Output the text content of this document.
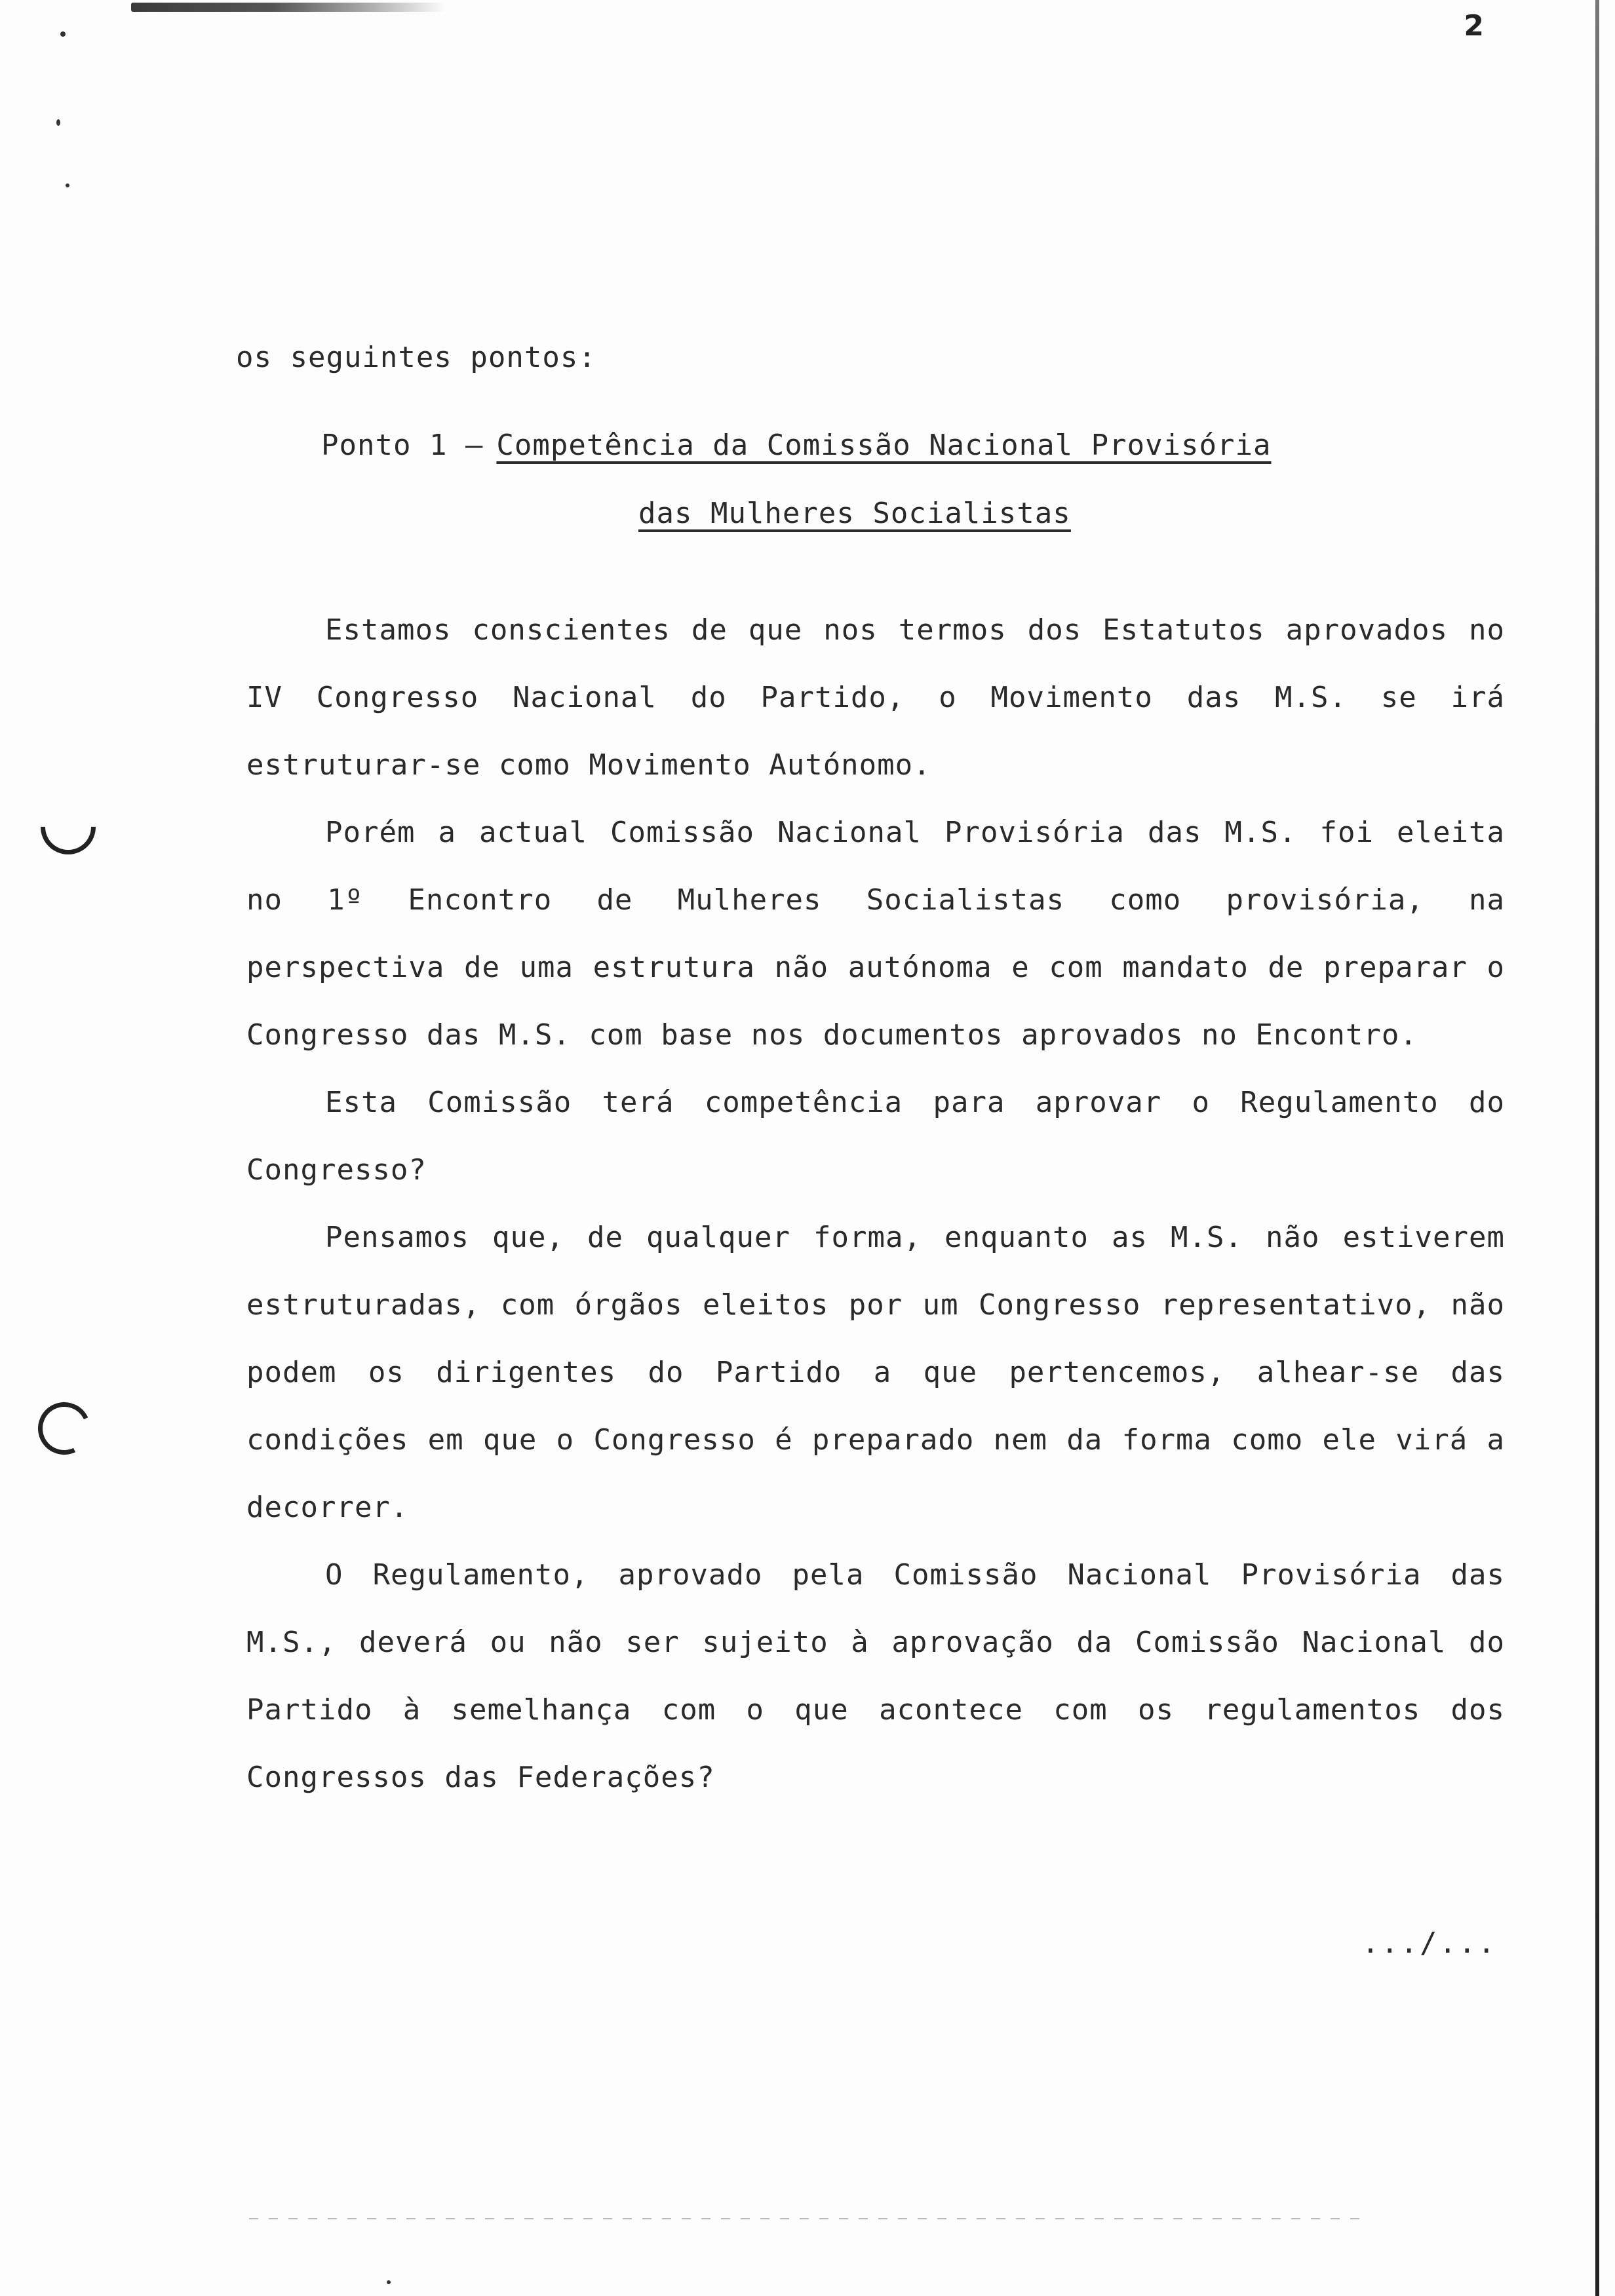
2
os seguintes pontos:
Ponto 1 — Competência da Comissão Nacional Provisória
das Mulheres Socialistas

Estamos conscientes de que nos termos dos Estatutos aprovados no IV Congresso Nacional do Partido, o Movimento das M.S. se irá estruturar-se como Movimento Autónomo.

Porém a actual Comissão Nacional Provisória das M.S. foi eleita no 1º Encontro de Mulheres Socialistas como provisória, na perspectiva de uma estrutura não autónoma e com mandato de preparar o Congresso das M.S. com base nos documentos aprovados no Encontro.

Esta Comissão terá competência para aprovar o Regulamento do Congresso?

Pensamos que, de qualquer forma, enquanto as M.S. não estiverem estruturadas, com órgãos eleitos por um Congresso representativo, não podem os dirigentes do Partido a que pertencemos, alhear-se das condições em que o Congresso é preparado nem da forma como ele virá a decorrer.

O Regulamento, aprovado pela Comissão Nacional Provisória das M.S., deverá ou não ser sujeito à aprovação da Comissão Nacional do Partido à semelhança com o que acontece com os regulamentos dos Congressos das Federações?

.../...
